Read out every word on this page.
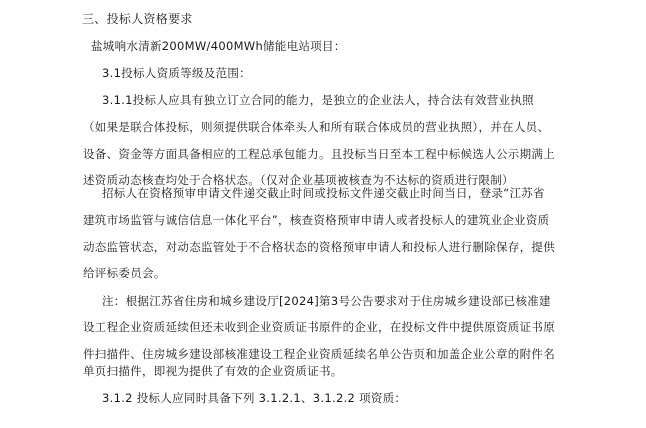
三、投标人资格要求
盐城响水清新200MW/400MWh储能电站项目：
3.1投标人资质等级及范围：
3.1.1投标人应具有独立订立合同的能力，是独立的企业法人，持合法有效营业执照
（如果是联合体投标，则须提供联合体牵头人和所有联合体成员的营业执照），并在人员、
设备、资金等方面具备相应的工程总承包能力。且投标当日至本工程中标候选人公示期满上
述资质动态核查均处于合格状态。（仅对企业基项被核查为不达标的资质进行限制）
招标人在资格预审申请文件递交截止时间或投标文件递交截止时间当日，登录“江苏省
建筑市场监管与诚信信息一体化平台”，核查资格预审申请人或者投标人的建筑业企业资质
动态监管状态，对动态监管处于不合格状态的资格预审申请人和投标人进行删除保存，提供
给评标委员会。
注：根据江苏省住房和城乡建设厅[2024]第3号公告要求对于住房城乡建设部已核准建
设工程企业资质延续但还未收到企业资质证书原件的企业，在投标文件中提供原资质证书原
件扫描件、住房城乡建设部核准建设工程企业资质延续名单公告页和加盖企业公章的附件名
单页扫描件，即视为提供了有效的企业资质证书。
3.1.2 投标人应同时具备下列 3.1.2.1、3.1.2.2 项资质：
